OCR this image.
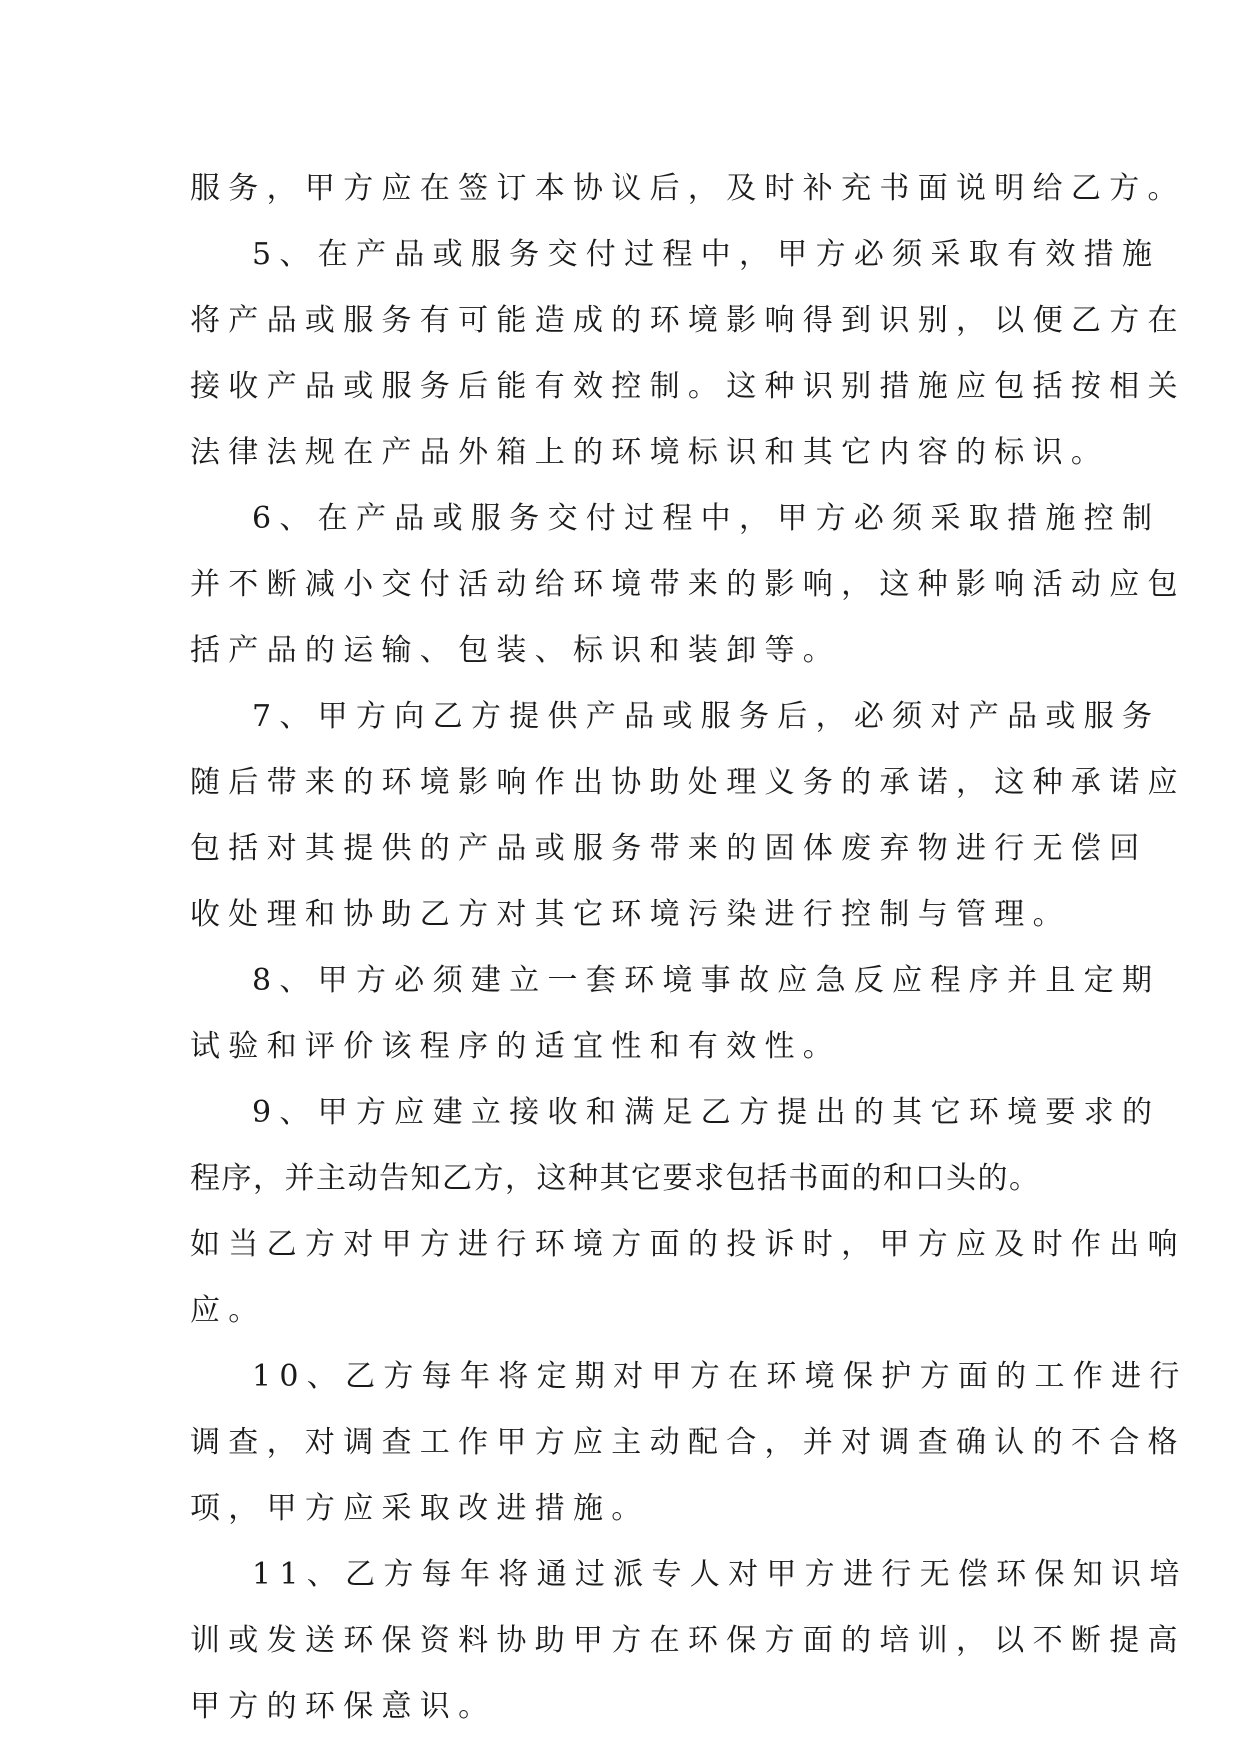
服务，甲方应在签订本协议后，及时补充书面说明给乙方。
5、在产品或服务交付过程中，甲方必须采取有效措施
将产品或服务有可能造成的环境影响得到识别，以便乙方在
接收产品或服务后能有效控制。这种识别措施应包括按相关
法律法规在产品外箱上的环境标识和其它内容的标识。
6、在产品或服务交付过程中，甲方必须采取措施控制
并不断减小交付活动给环境带来的影响，这种影响活动应包
括产品的运输、包装、标识和装卸等。
7、甲方向乙方提供产品或服务后，必须对产品或服务
随后带来的环境影响作出协助处理义务的承诺，这种承诺应
包括对其提供的产品或服务带来的固体废弃物进行无偿回
收处理和协助乙方对其它环境污染进行控制与管理。
8、甲方必须建立一套环境事故应急反应程序并且定期
试验和评价该程序的适宜性和有效性。
9、甲方应建立接收和满足乙方提出的其它环境要求的
程序，并主动告知乙方，这种其它要求包括书面的和口头的。
如当乙方对甲方进行环境方面的投诉时，甲方应及时作出响
应。
10、乙方每年将定期对甲方在环境保护方面的工作进行
调查，对调查工作甲方应主动配合，并对调查确认的不合格
项，甲方应采取改进措施。
11、乙方每年将通过派专人对甲方进行无偿环保知识培
训或发送环保资料协助甲方在环保方面的培训，以不断提高
甲方的环保意识。
